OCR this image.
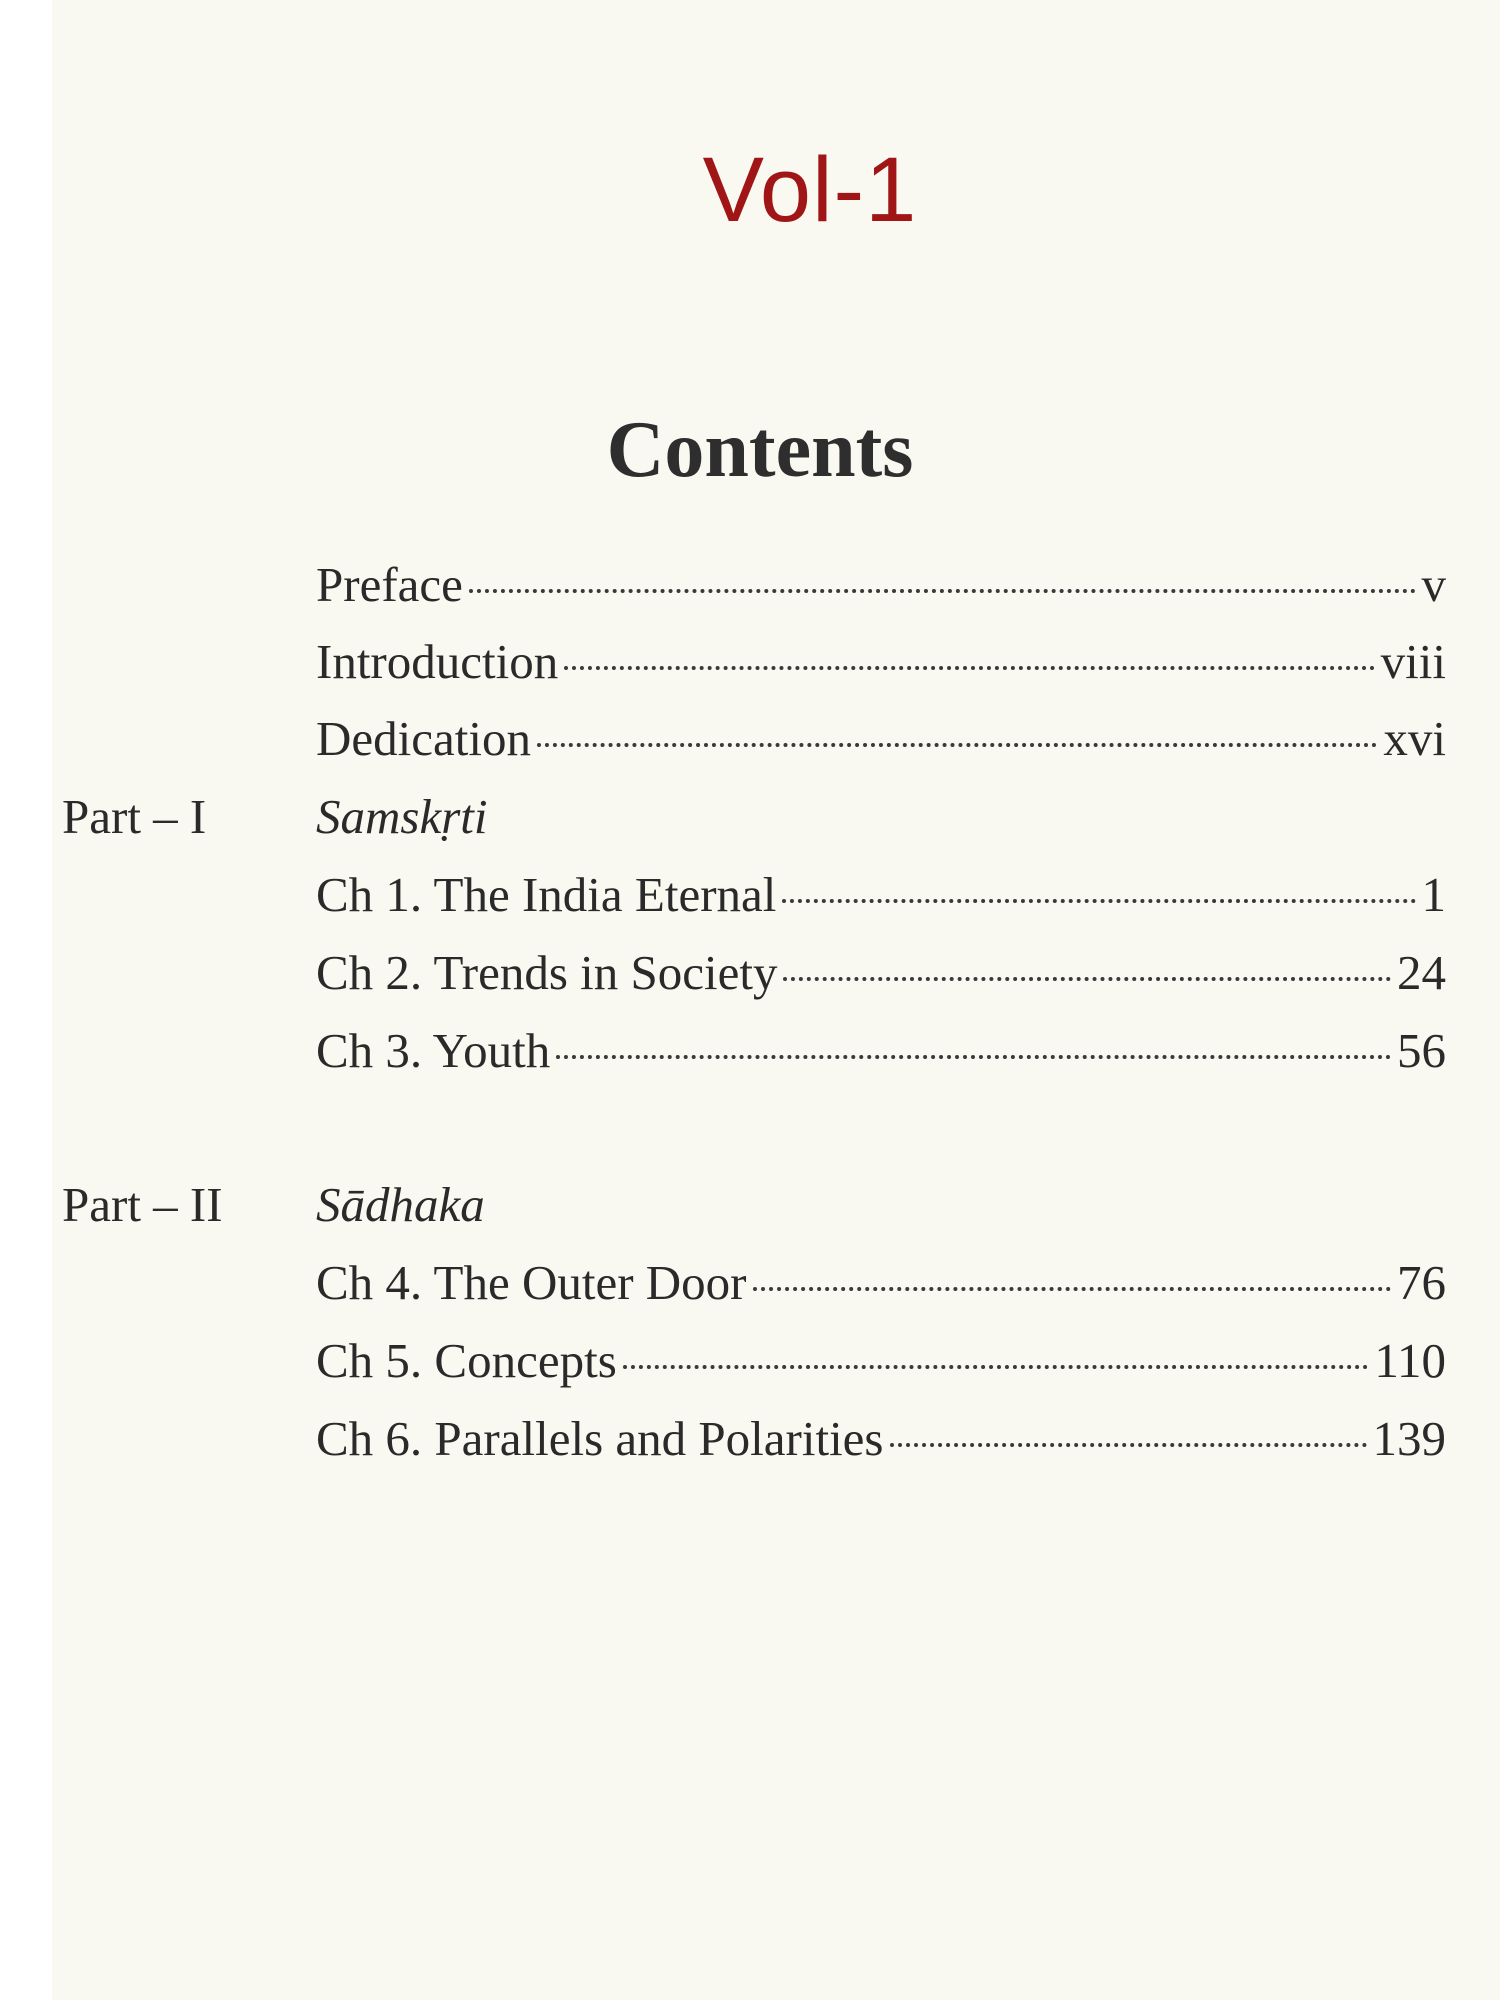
Vol-1
Contents
Preface	v
Introduction	viii
Dedication	xvi
Part – I Samskṛti
Ch 1. The India Eternal	1
Ch 2. Trends in Society	24
Ch 3. Youth	56
Part – II Sādhaka
Ch 4. The Outer Door	76
Ch 5. Concepts	110
Ch 6. Parallels and Polarities	139
